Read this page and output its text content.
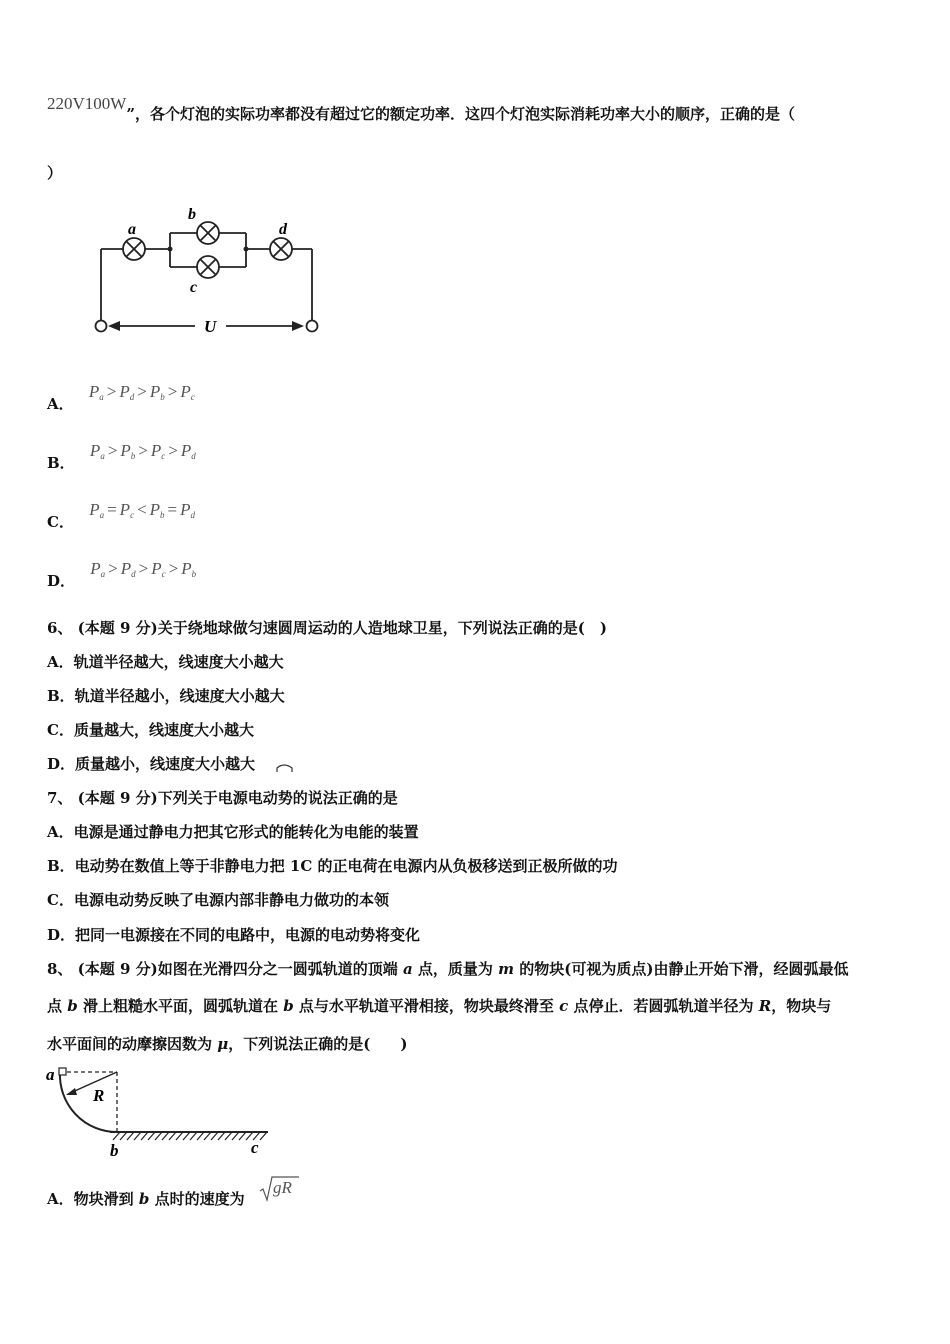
220V100W”，各个灯泡的实际功率都没有超过它的额定功率．这四个灯泡实际消耗功率大小的顺序，正确的是（
）
a
b
c
d
U
A． $P_a > P_d > P_b > P_c$
B． $P_a > P_b > P_c > P_d$
C． $P_a = P_c < P_b = P_d$
D． $P_a > P_d > P_c > P_b$
6、 (本题 9 分)关于绕地球做匀速圆周运动的人造地球卫星，下列说法正确的是(　)
A．轨道半径越大，线速度大小越大
B．轨道半径越小，线速度大小越大
C．质量越大，线速度大小越大
D．质量越小，线速度大小越大
7、 (本题 9 分)下列关于电源电动势的说法正确的是
A．电源是通过静电力把其它形式的能转化为电能的装置
B．电动势在数值上等于非静电力把 1C 的正电荷在电源内从负极移送到正极所做的功
C．电源电动势反映了电源内部非静电力做功的本领
D．把同一电源接在不同的电路中，电源的电动势将变化
8、 (本题 9 分)如图在光滑四分之一圆弧轨道的顶端 a 点，质量为 m 的物块(可视为质点)由静止开始下滑，经圆弧最低
点 b 滑上粗糙水平面，圆弧轨道在 b 点与水平轨道平滑相接，物块最终滑至 c 点停止．若圆弧轨道半径为 R，物块与
水平面间的动摩擦因数为 μ，下列说法正确的是(　　)
a
R
b	c
A．物块滑到 b 点时的速度为
gR
